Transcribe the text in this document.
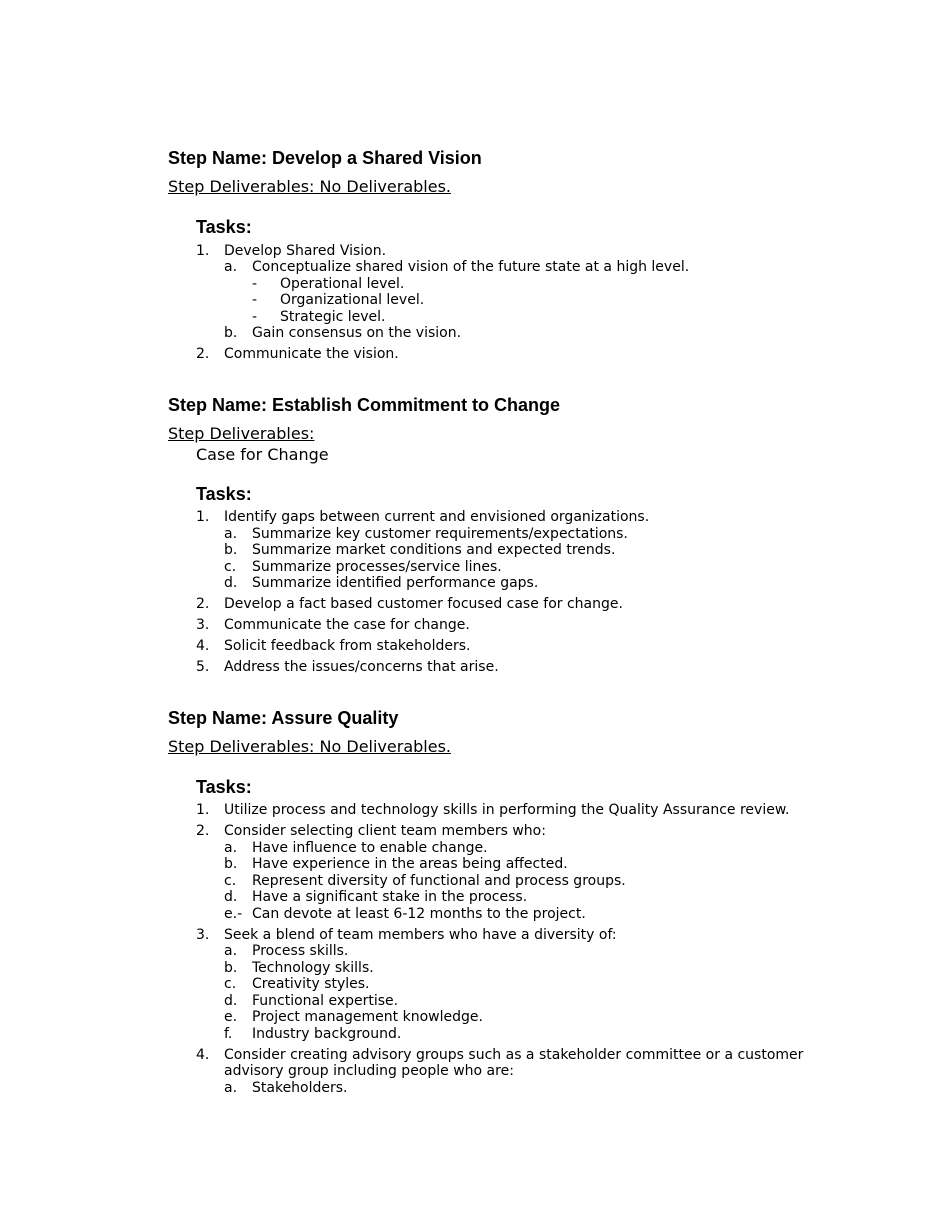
Step Name: Develop a Shared Vision
Step Deliverables: No Deliverables.
Tasks:
1. Develop Shared Vision.
a. Conceptualize shared vision of the future state at a high level.
- Operational level.
- Organizational level.
- Strategic level.
b. Gain consensus on the vision.
2. Communicate the vision.
Step Name: Establish Commitment to Change
Step Deliverables:
Case for Change
Tasks:
1. Identify gaps between current and envisioned organizations.
a. Summarize key customer requirements/expectations.
b. Summarize market conditions and expected trends.
c. Summarize processes/service lines.
d. Summarize identified performance gaps.
2. Develop a fact based customer focused case for change.
3. Communicate the case for change.
4. Solicit feedback from stakeholders.
5. Address the issues/concerns that arise.
Step Name: Assure Quality
Step Deliverables: No Deliverables.
Tasks:
1. Utilize process and technology skills in performing the Quality Assurance review.
2. Consider selecting client team members who:
a. Have influence to enable change.
b. Have experience in the areas being affected.
c. Represent diversity of functional and process groups.
d. Have a significant stake in the process.
e.- Can devote at least 6-12 months to the project.
3. Seek a blend of team members who have a diversity of:
a. Process skills.
b. Technology skills.
c. Creativity styles.
d. Functional expertise.
e. Project management knowledge.
f. Industry background.
4. Consider creating advisory groups such as a stakeholder committee or a customer advisory group including people who are:
a. Stakeholders.
